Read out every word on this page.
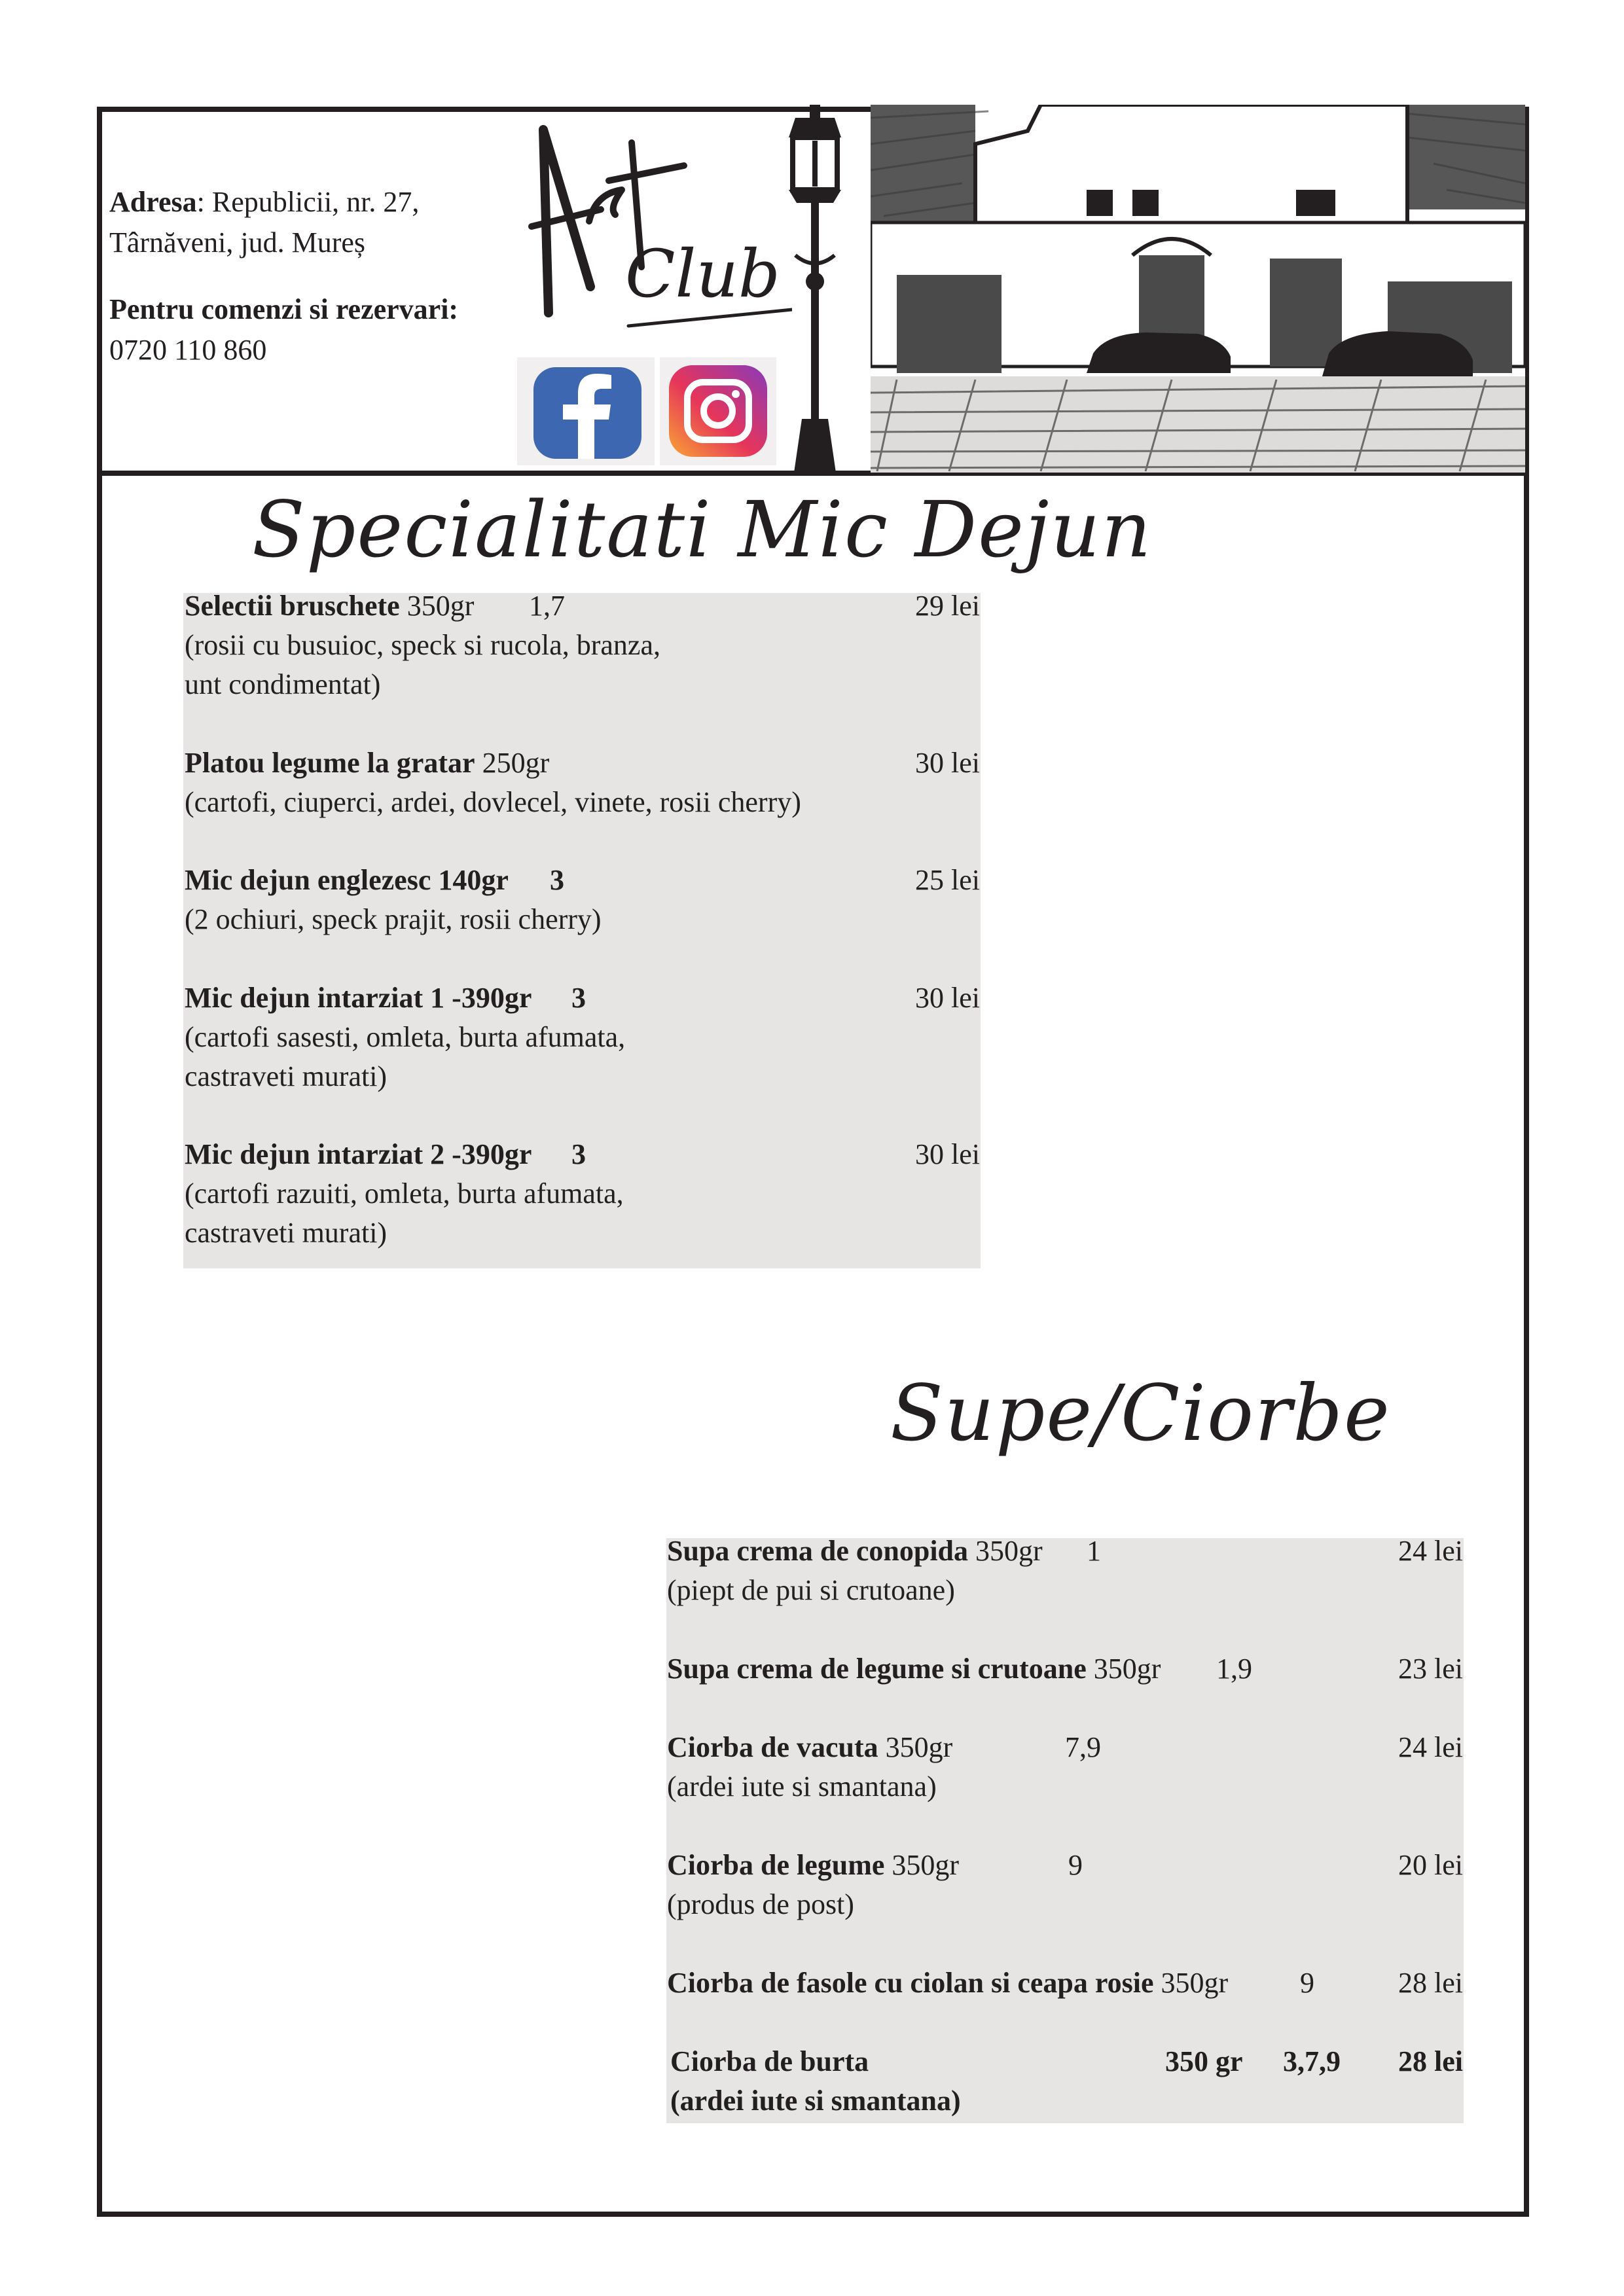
Adresa: Republicii, nr. 27,
Târnăveni, jud. Mureș
Pentru comenzi si rezervari:
0720 110 860
Club
Art
Specialitati Mic Dejun
Selectii bruschete 350gr
(rosii cu busuioc, speck si rucola, branza,
unt condimentat)
1,7	29 lei
Platou legume la gratar 250gr
(cartofi, ciuperci, ardei, dovlecel, vinete, rosii cherry)
30 lei
Mic dejun englezesc 140gr
(2 ochiuri, speck prajit, rosii cherry)
3	25 lei
Mic dejun intarziat 1 -390gr
(cartofi sasesti, omleta, burta afumata,
castraveti murati)
3	30 lei
Mic dejun intarziat 2 -390gr
(cartofi razuiti, omleta, burta afumata,
castraveti murati)
3	30 lei
Supe/Ciorbe
Supa crema de conopida 350gr
(piept de pui si crutoane)
1	24 lei
Supa crema de legume si crutoane 350gr 1,9	23 lei
Ciorba de vacuta 350gr
(ardei iute si smantana)
7,9	24 lei
Ciorba de legume 350gr
(produs de post)
9	20 lei
Ciorba de fasole cu ciolan si ceapa rosie 350gr 9	28 lei
Ciorba de burta
(ardei iute si smantana)
350 gr 3,7,9 28 lei
